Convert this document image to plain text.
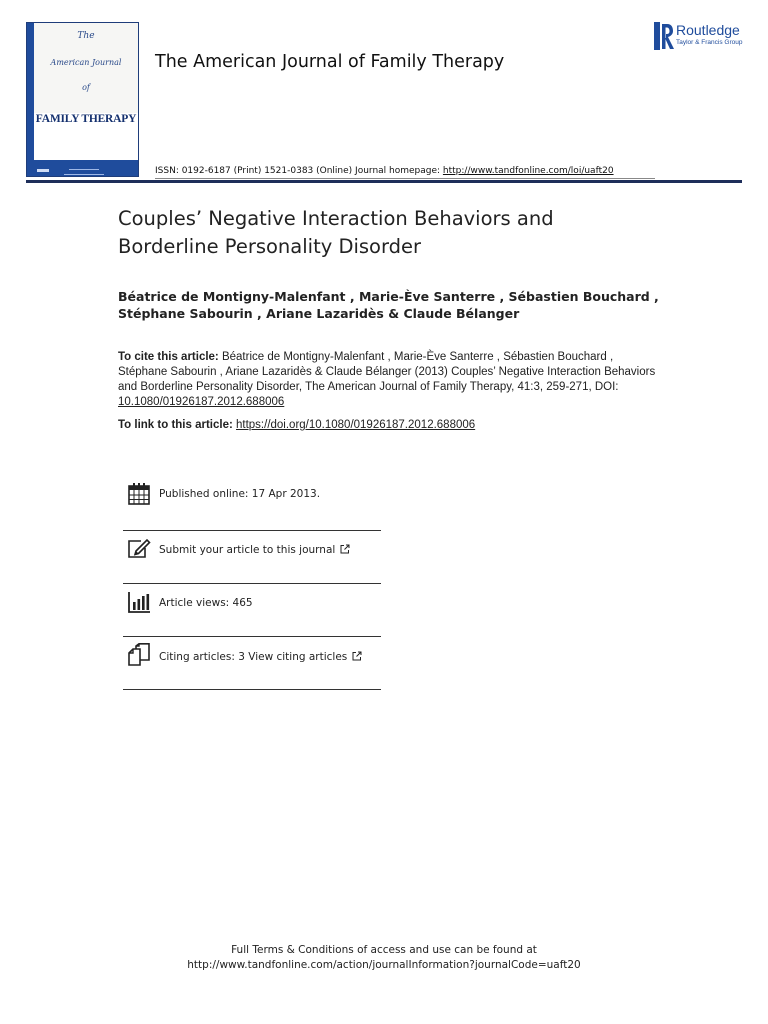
The
American Journal
of
FAMILY THERAPY
The American Journal of Family Therapy
Routledge
Taylor & Francis Group
ISSN: 0192-6187 (Print) 1521-0383 (Online) Journal homepage: http://www.tandfonline.com/loi/uaft20
Couples’ Negative Interaction Behaviors and
Borderline Personality Disorder
Béatrice de Montigny-Malenfant , Marie-Ève Santerre , Sébastien Bouchard ,
Stéphane Sabourin , Ariane Lazaridès & Claude Bélanger
To cite this article: Béatrice de Montigny-Malenfant , Marie-Ève Santerre , Sébastien Bouchard , Stéphane Sabourin , Ariane Lazaridès & Claude Bélanger (2013) Couples’ Negative Interaction Behaviors and Borderline Personality Disorder, The American Journal of Family Therapy, 41:3, 259-271, DOI: 10.1080/01926187.2012.688006
To link to this article: https://doi.org/10.1080/01926187.2012.688006
Published online: 17 Apr 2013.
Submit your article to this journal
Article views: 465
Citing articles: 3 View citing articles
Full Terms & Conditions of access and use can be found at
http://www.tandfonline.com/action/journalInformation?journalCode=uaft20
